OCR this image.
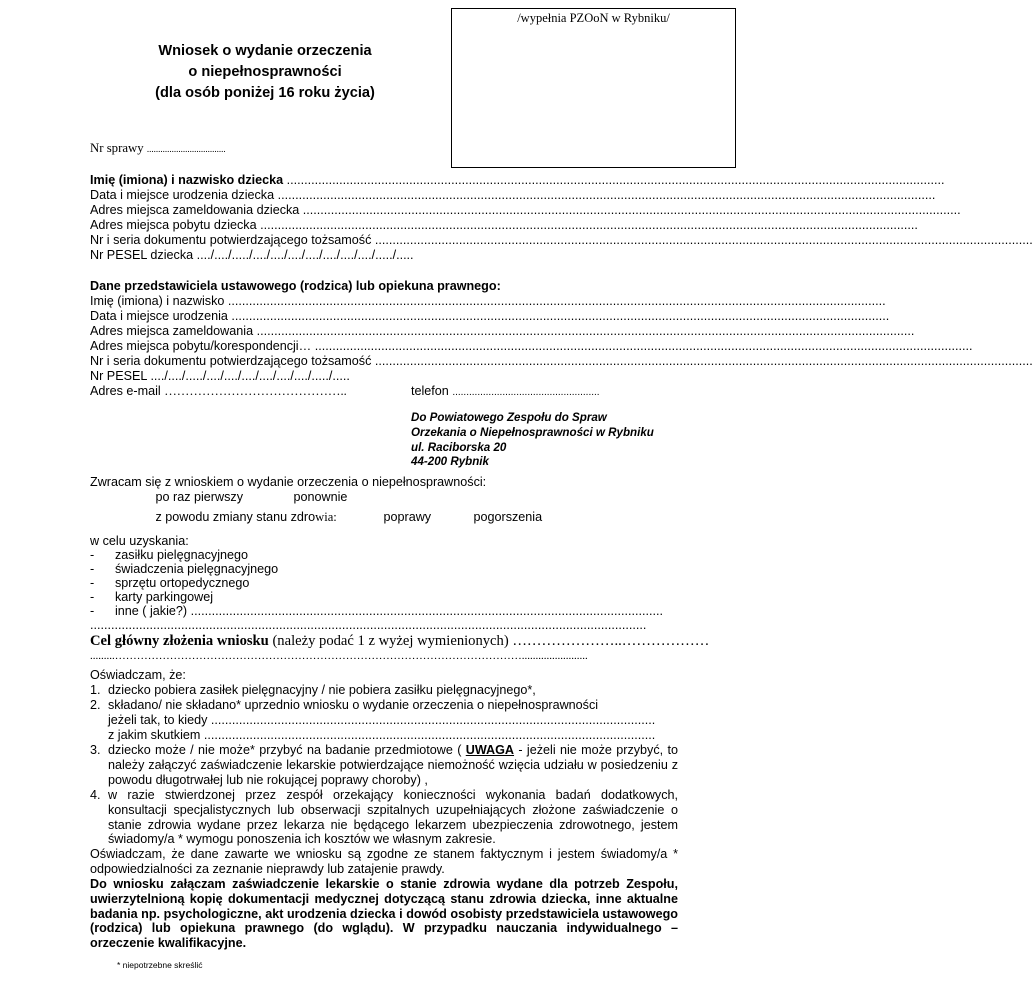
/wypełnia PZOoN w Rybniku/
Wniosek o wydanie orzeczenia
o niepełnosprawności
(dla osób poniżej 16 roku życia)
Nr sprawy ...................................
Imię (imiona) i nazwisko dziecka ............................................................................................................................................................................................
Data i miejsce urodzenia dziecka ............................................................................................................................................................................................
Adres miejsca zameldowania dziecka ............................................................................................................................................................................................
Adres miejsca pobytu dziecka ............................................................................................................................................................................................
Nr i seria dokumentu potwierdzającego tożsamość ............................................................................................................................................................................................
Nr PESEL dziecka ..../..../...../..../..../..../..../..../..../..../...../.....
Dane przedstawiciela ustawowego (rodzica) lub opiekuna prawnego:
Imię (imiona) i nazwisko ............................................................................................................................................................................................
Data i miejsce urodzenia ............................................................................................................................................................................................
Adres miejsca zameldowania ............................................................................................................................................................................................
Adres miejsca pobytu/korespondencji… ............................................................................................................................................................................................
Nr i seria dokumentu potwierdzającego tożsamość ............................................................................................................................................................................................
Nr PESEL ..../..../...../..../..../..../..../..../..../...../.....
Adres e-mail ……………………………………..	telefon .....................................................
Do Powiatowego Zespołu do Spraw
Orzekania o Niepełnosprawności w Rybniku
ul. Raciborska 20
44-200 Rybnik
Zwracam się z wnioskiem o wydanie orzeczenia o niepełnosprawności:
po raz pierwszy	ponownie
z powodu zmiany stanu zdrowia:	poprawy	pogorszenia
w celu uzyskania:
- zasiłku pielęgnacyjnego
- świadczenia pielęgnacyjnego
- sprzętu ortopedycznego
- karty parkingowej
- inne ( jakie?) .......................................................................................................................................
...............................................................................................................................................................
Cel główny złożenia wniosku (należy podać 1 z wyżej wymienionych) …………………..………………
.........…………………………………………………………………………………………………........................
Oświadczam, że:
1. dziecko pobiera zasiłek pielęgnacyjny / nie pobiera zasiłku pielęgnacyjnego*,
2. składano/ nie składano* uprzednio wniosku o wydanie orzeczenia o niepełnosprawności
jeżeli tak, to kiedy ...............................................................................................................................
z jakim skutkiem .................................................................................................................................
3. dziecko może / nie może* przybyć na badanie przedmiotowe ( UWAGA - jeżeli nie może przybyć, to należy załączyć zaświadczenie lekarskie potwierdzające niemożność wzięcia udziału w posiedzeniu z powodu długotrwałej lub nie rokującej poprawy choroby) ,
4. w razie stwierdzonej przez zespół orzekający konieczności wykonania badań dodatkowych, konsultacji specjalistycznych lub obserwacji szpitalnych uzupełniających złożone zaświadczenie o stanie zdrowia wydane przez lekarza nie będącego lekarzem ubezpieczenia zdrowotnego, jestem świadomy/a * wymogu ponoszenia ich kosztów we własnym zakresie.
Oświadczam, że dane zawarte we wniosku są zgodne ze stanem faktycznym i jestem świadomy/a * odpowiedzialności za zeznanie nieprawdy lub zatajenie prawdy.
Do wniosku załączam zaświadczenie lekarskie o stanie zdrowia wydane dla potrzeb Zespołu, uwierzytelnioną kopię dokumentacji medycznej dotyczącą stanu zdrowia dziecka, inne aktualne badania np. psychologiczne, akt urodzenia dziecka i dowód osobisty przedstawiciela ustawowego (rodzica) lub opiekuna prawnego (do wglądu). W przypadku nauczania indywidualnego – orzeczenie kwalifikacyjne.
* niepotrzebne skreślić
